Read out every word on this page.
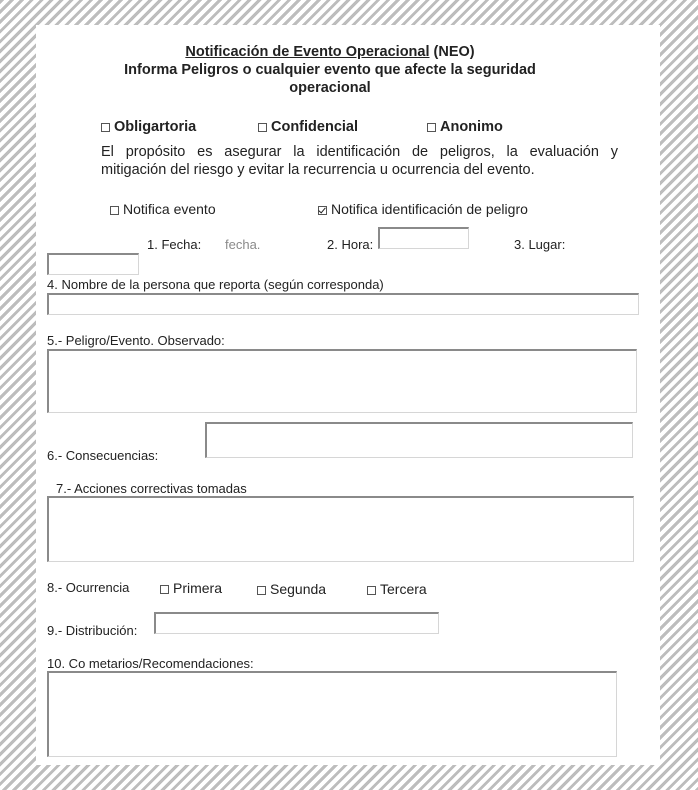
Notificación de Evento Operacional (NEO)
Informa Peligros o cualquier evento que afecte la seguridad
operacional
Obligartoria	Confidencial	Anonimo
El propósito es asegurar la identificación de peligros, la evaluación y
mitigación del riesgo y evitar la recurrencia u ocurrencia del evento.
Notifica evento	Notifica identificación de peligro
1. Fecha: fecha.	2. Hora:	3. Lugar:
4. Nombre de la persona que reporta (según corresponda)
5.- Peligro/Evento. Observado:
6.- Consecuencias:
7.- Acciones correctivas tomadas
8.- Ocurrencia	Primera	Segunda	Tercera
9.- Distribución:
10. Co metarios/Recomendaciones:
